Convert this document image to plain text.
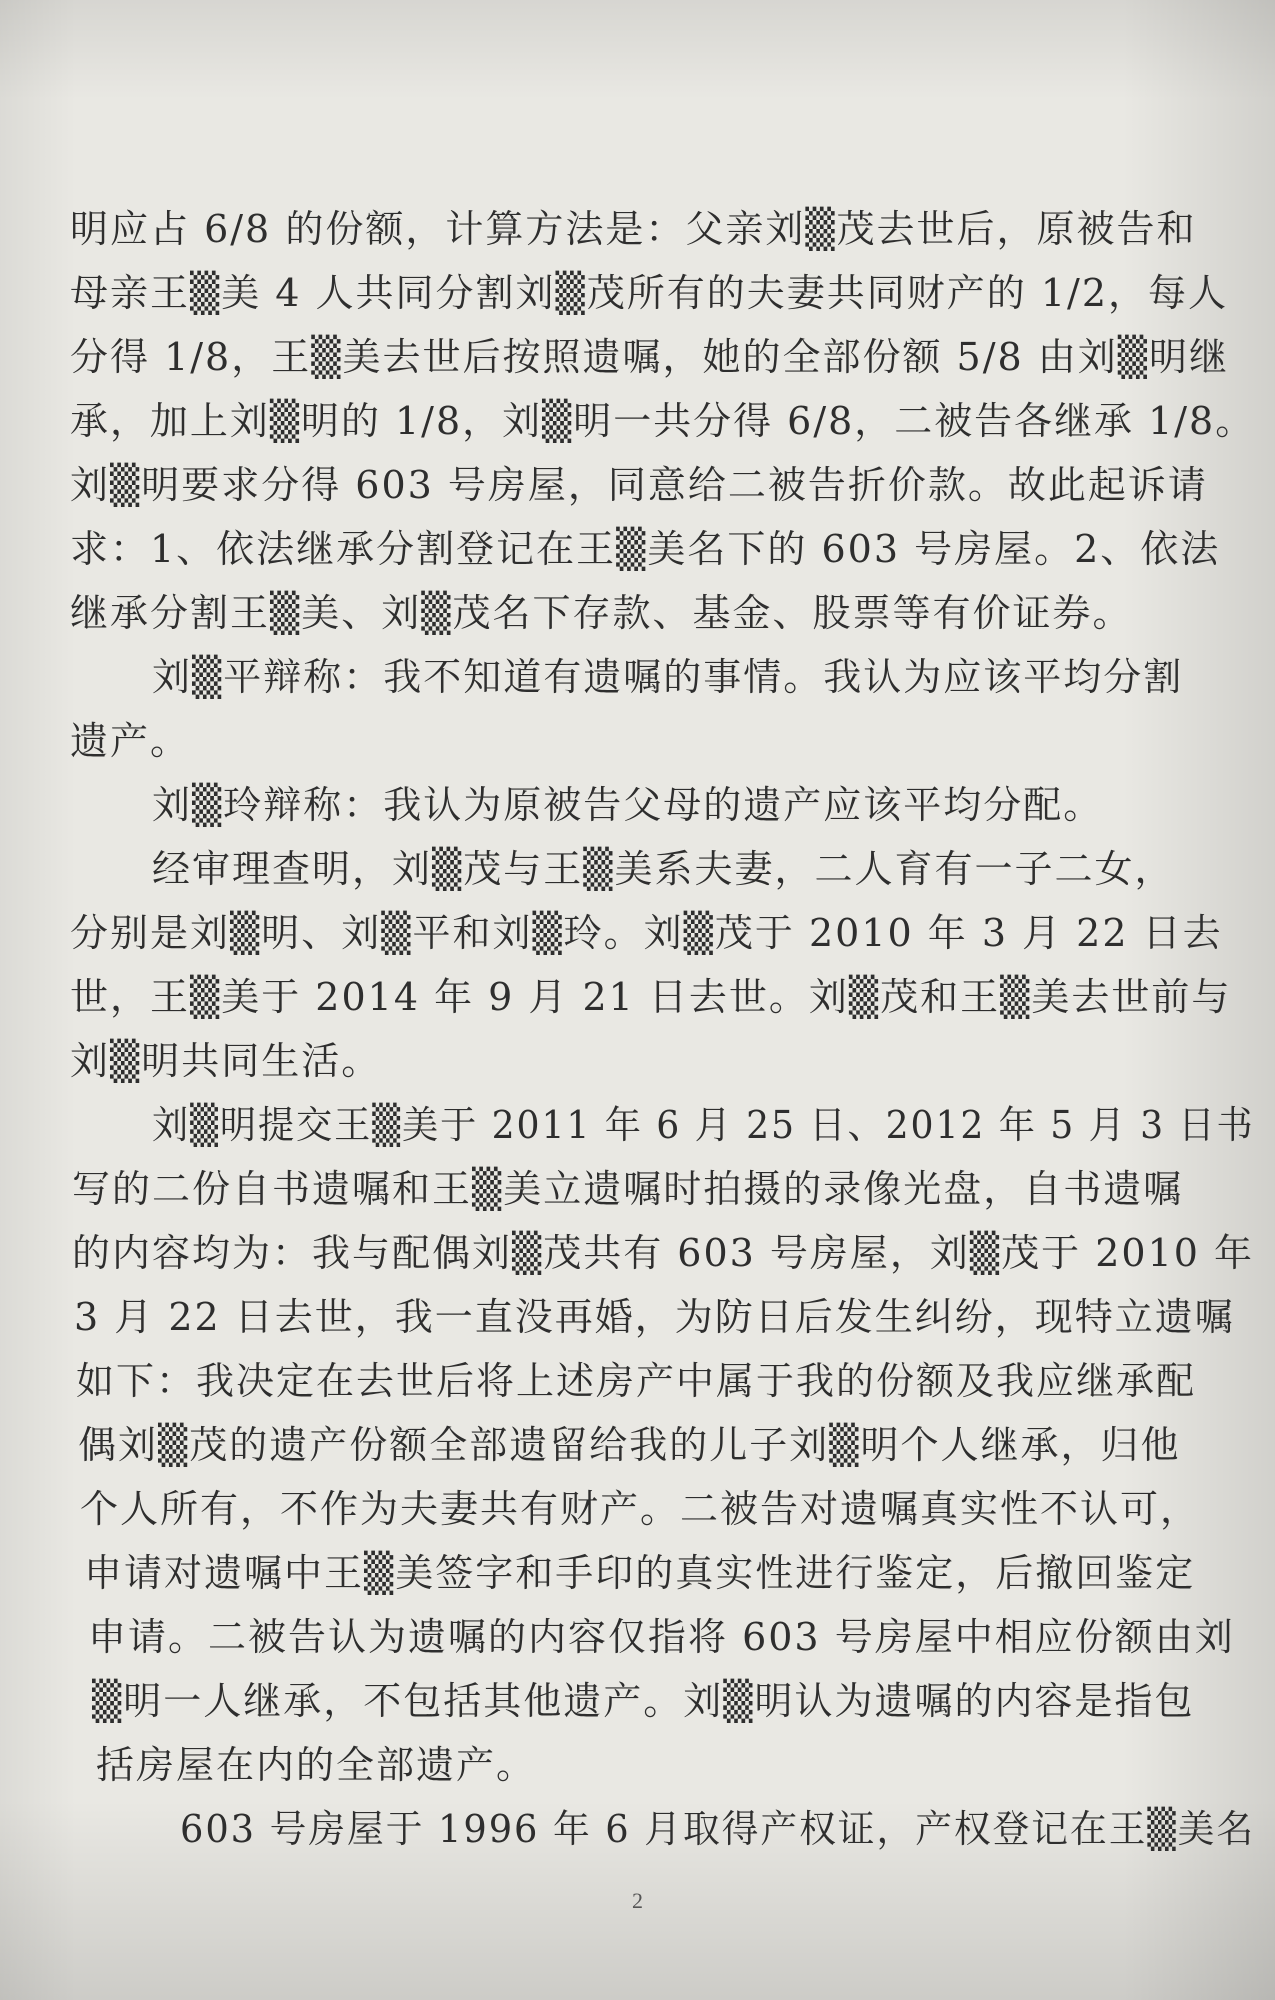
明应占 6/8 的份额，计算方法是：父亲刘▒茂去世后，原被告和
母亲王▒美 4 人共同分割刘▒茂所有的夫妻共同财产的 1/2，每人
分得 1/8，王▒美去世后按照遗嘱，她的全部份额 5/8 由刘▒明继
承，加上刘▒明的 1/8，刘▒明一共分得 6/8，二被告各继承 1/8。
刘▒明要求分得 603 号房屋，同意给二被告折价款。故此起诉请
求：1、依法继承分割登记在王▒美名下的 603 号房屋。2、依法
继承分割王▒美、刘▒茂名下存款、基金、股票等有价证券。
刘▒平辩称：我不知道有遗嘱的事情。我认为应该平均分割
遗产。
刘▒玲辩称：我认为原被告父母的遗产应该平均分配。
经审理查明，刘▒茂与王▒美系夫妻，二人育有一子二女，
分别是刘▒明、刘▒平和刘▒玲。刘▒茂于 2010 年 3 月 22 日去
世，王▒美于 2014 年 9 月 21 日去世。刘▒茂和王▒美去世前与
刘▒明共同生活。
刘▒明提交王▒美于 2011 年 6 月 25 日、2012 年 5 月 3 日书
写的二份自书遗嘱和王▒美立遗嘱时拍摄的录像光盘，自书遗嘱
的内容均为：我与配偶刘▒茂共有 603 号房屋，刘▒茂于 2010 年
3 月 22 日去世，我一直没再婚，为防日后发生纠纷，现特立遗嘱
如下：我决定在去世后将上述房产中属于我的份额及我应继承配
偶刘▒茂的遗产份额全部遗留给我的儿子刘▒明个人继承，归他
个人所有，不作为夫妻共有财产。二被告对遗嘱真实性不认可，
申请对遗嘱中王▒美签字和手印的真实性进行鉴定，后撤回鉴定
申请。二被告认为遗嘱的内容仅指将 603 号房屋中相应份额由刘
▒明一人继承，不包括其他遗产。刘▒明认为遗嘱的内容是指包
括房屋在内的全部遗产。
603 号房屋于 1996 年 6 月取得产权证，产权登记在王▒美名
2
